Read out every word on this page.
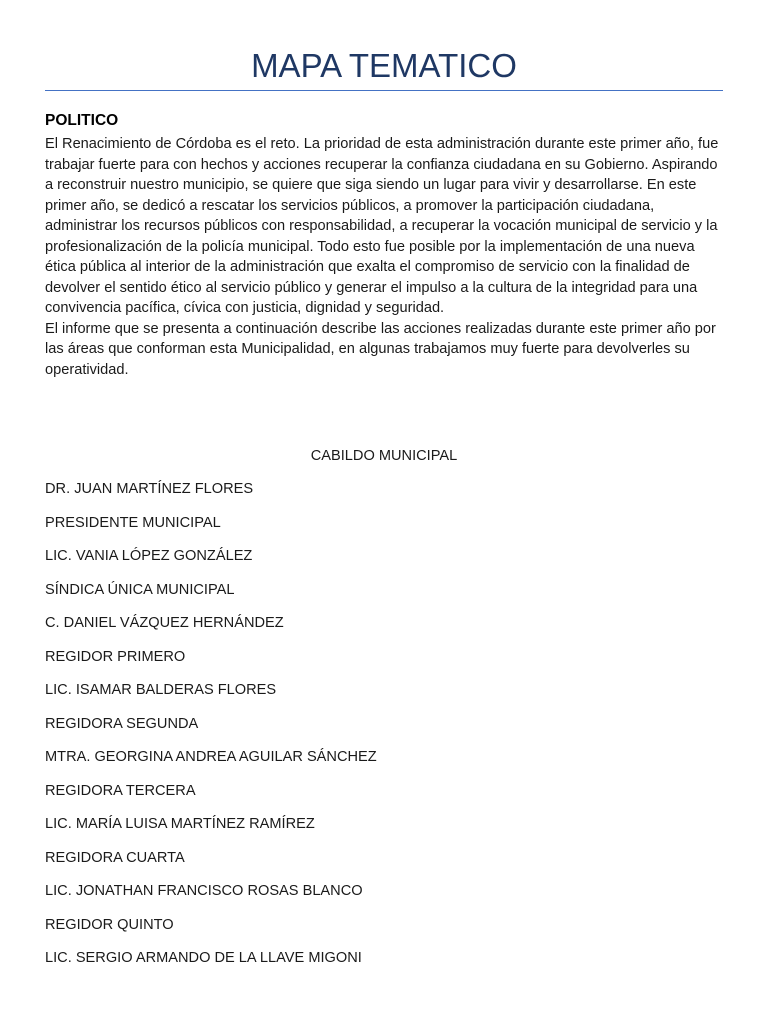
MAPA TEMATICO
POLITICO

El Renacimiento de Córdoba es el reto. La prioridad de esta administración durante este primer año, fue trabajar fuerte para con hechos y acciones recuperar la confianza ciudadana en su Gobierno. Aspirando a reconstruir nuestro municipio, se quiere que siga siendo un lugar para vivir y desarrollarse. En este primer año, se dedicó a rescatar los servicios públicos, a promover la participación ciudadana, administrar los recursos públicos con responsabilidad, a recuperar la vocación municipal de servicio y la profesionalización de la policía municipal. Todo esto fue posible por la implementación de una nueva ética pública al interior de la administración que exalta el compromiso de servicio con la finalidad de devolver el sentido ético al servicio público y generar el impulso a la cultura de la integridad para una convivencia pacífica, cívica con justicia, dignidad y seguridad.

El informe que se presenta a continuación describe las acciones realizadas durante este primer año por las áreas que conforman esta Municipalidad, en algunas trabajamos muy fuerte para devolverles su operatividad.

CABILDO MUNICIPAL
DR. JUAN MARTÍNEZ FLORES
PRESIDENTE MUNICIPAL
LIC. VANIA LÓPEZ GONZÁLEZ
SÍNDICA ÚNICA MUNICIPAL
C. DANIEL VÁZQUEZ HERNÁNDEZ
REGIDOR PRIMERO
LIC. ISAMAR BALDERAS FLORES
REGIDORA SEGUNDA
MTRA. GEORGINA ANDREA AGUILAR SÁNCHEZ
REGIDORA TERCERA
LIC. MARÍA LUISA MARTÍNEZ RAMÍREZ
REGIDORA CUARTA
LIC. JONATHAN FRANCISCO ROSAS BLANCO
REGIDOR QUINTO
LIC. SERGIO ARMANDO DE LA LLAVE MIGONI
